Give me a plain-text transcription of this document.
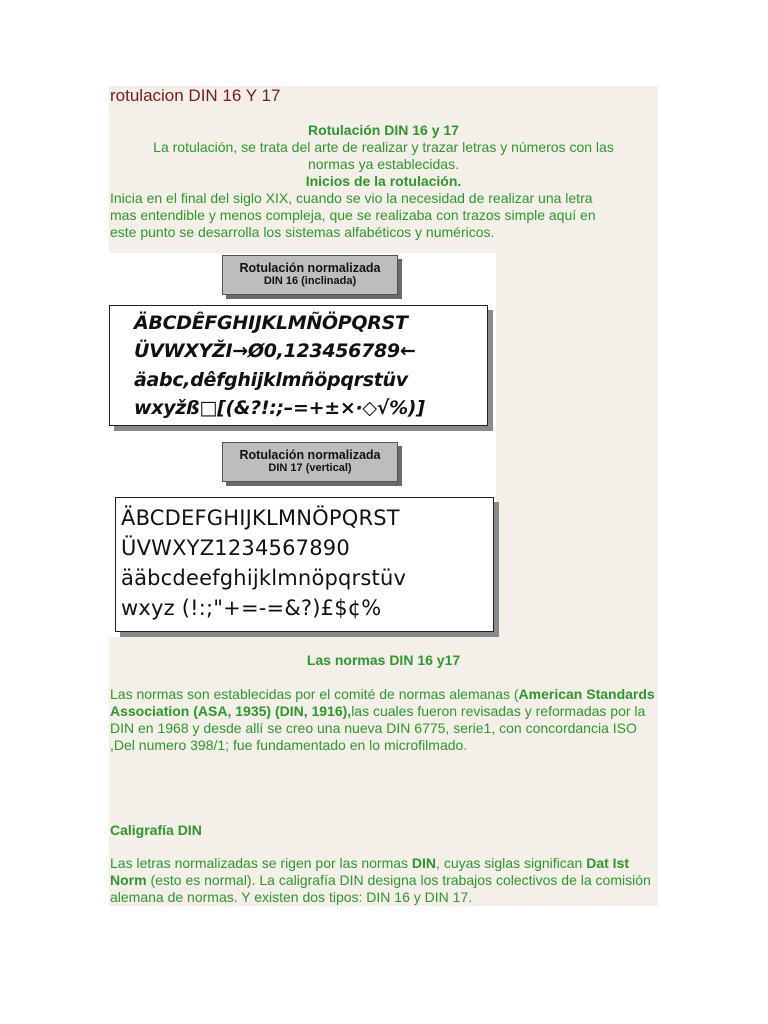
rotulacion DIN 16 Y 17
Rotulación DIN 16 y 17
La rotulación, se trata del arte de realizar y trazar letras y números con las
normas ya establecidas.
Inicios de la rotulación.
Inicia en el final del siglo XIX, cuando se vio la necesidad de realizar una letra
mas entendible y menos compleja, que se realizaba con trazos simple aquí en
este punto se desarrolla los sistemas alfabéticos y numéricos.
Rotulación normalizada
DIN 16 (inclinada)
ÄBCDÊFGHIJKLMÑÖPQRST
ÜVWXYŽI→Ø0,123456789←
äabc,dêfghijklmñöpqrstüv
wxyžß□[(&?!:;–=+±×·◇√%)]
Rotulación normalizada
DIN 17 (vertical)
ÄBCDEFGHIJKLMNÖPQRST
ÜVWXYZ1234567890
ääbcdeefghijklmnöpqrstüv
wxyz (!:;"+=-=&?)£$¢%
Las normas DIN 16 y17
Las normas son establecidas por el comité de normas alemanas (American Standards Association (ASA, 1935) (DIN, 1916),las cuales fueron revisadas y reformadas por la DIN en 1968 y desde allí se creo una nueva DIN 6775, serie1, con concordancia ISO ,Del numero 398/1; fue fundamentado en lo microfilmado.
Caligrafía DIN
Las letras normalizadas se rigen por las normas DIN, cuyas siglas significan Dat Ist Norm (esto es normal). La caligrafía DIN designa los trabajos colectivos de la comisión alemana de normas. Y existen dos tipos: DIN 16 y DIN 17.
